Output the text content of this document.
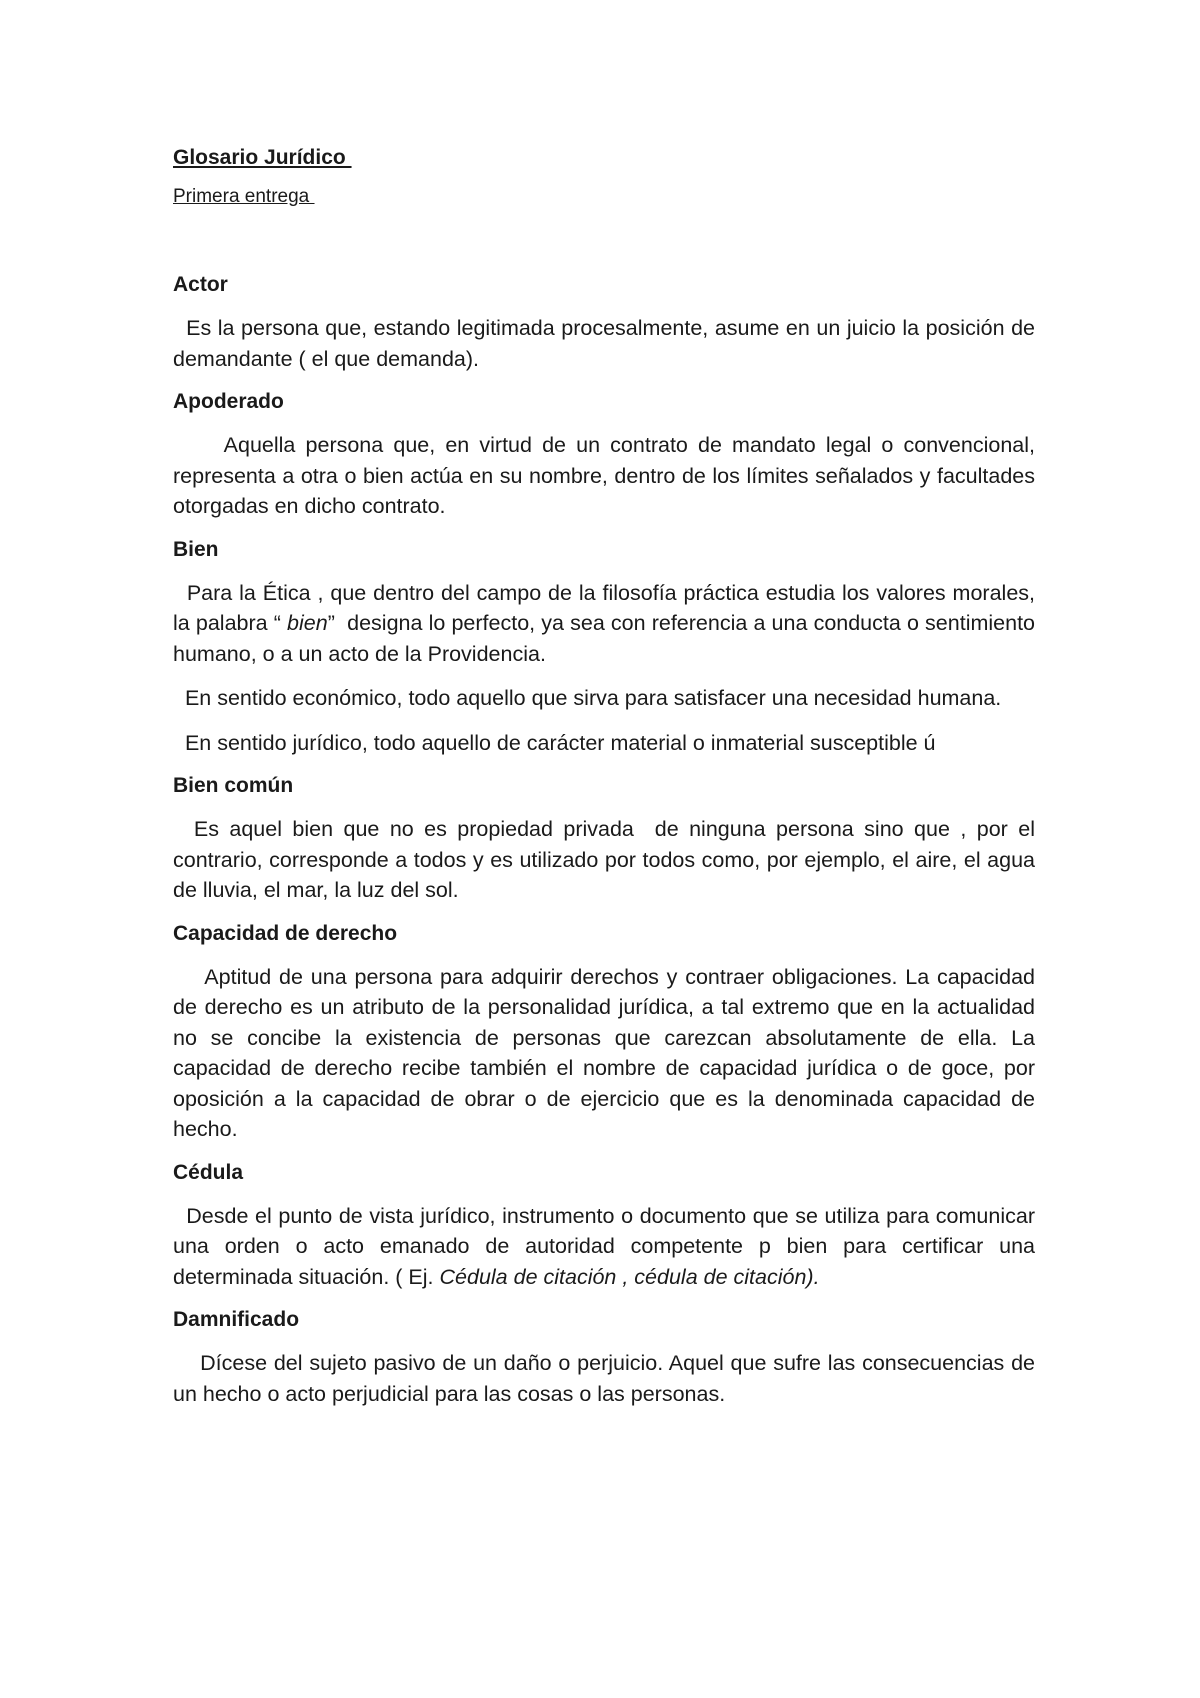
Glosario Jurídico

Primera entrega

Actor

Es la persona que, estando legitimada procesalmente, asume en un juicio la posición de demandante ( el que demanda).

Apoderado

Aquella persona que, en virtud de un contrato de mandato legal o convencional, representa a otra o bien actúa en su nombre, dentro de los límites señalados y facultades otorgadas en dicho contrato.

Bien

Para la Ética , que dentro del campo de la filosofía práctica estudia los valores morales, la palabra “ bien”  designa lo perfecto, ya sea con referencia a una conducta o sentimiento humano, o a un acto de la Providencia.

En sentido económico, todo aquello que sirva para satisfacer una necesidad humana.

En sentido jurídico, todo aquello de carácter material o inmaterial susceptible ú

Bien común

Es aquel bien que no es propiedad privada  de ninguna persona sino que , por el contrario, corresponde a todos y es utilizado por todos como, por ejemplo, el aire, el agua de lluvia, el mar, la luz del sol.

Capacidad de derecho

Aptitud de una persona para adquirir derechos y contraer obligaciones. La capacidad de derecho es un atributo de la personalidad jurídica, a tal extremo que en la actualidad no se concibe la existencia de personas que carezcan absolutamente de ella. La capacidad de derecho recibe también el nombre de capacidad jurídica o de goce, por oposición a la capacidad de obrar o de ejercicio que es la denominada capacidad de hecho.

Cédula

Desde el punto de vista jurídico, instrumento o documento que se utiliza para comunicar una orden o acto emanado de autoridad competente p bien para certificar una determinada situación. ( Ej. Cédula de citación , cédula de citación).

Damnificado

Dícese del sujeto pasivo de un daño o perjuicio. Aquel que sufre las consecuencias de un hecho o acto perjudicial para las cosas o las personas.
